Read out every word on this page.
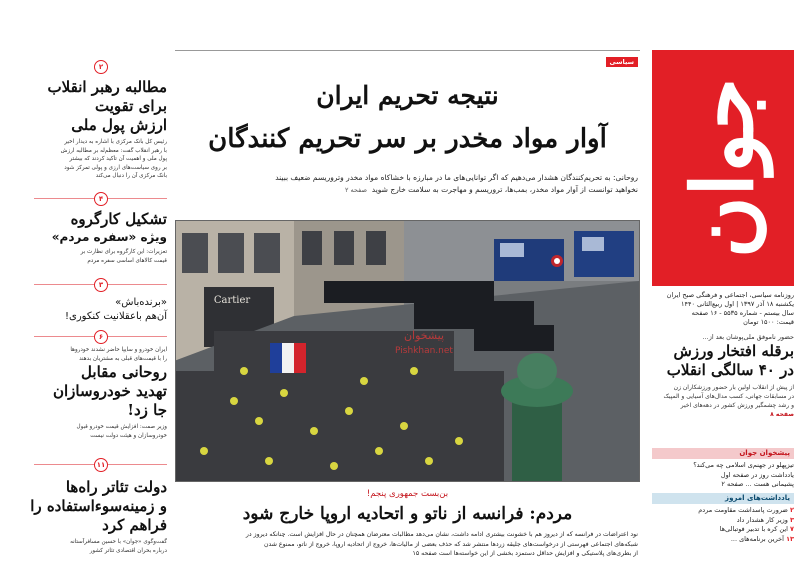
جوان
روزنامه سیاسی، اجتماعی و فرهنگی صبح ایران
یکشنبه ۱۸ آذر ۱۳۹۷ | اول ربیع‌الثانی ۱۴۴۰
سال بیستم - شماره ۵۵۳۵ - ۱۶ صفحه
قیمت: ۱۵۰۰ تومان
حضور ناموفق ملی‌پوشان بعد از...
برقله افتخار ورزش
در ۴۰ سالگی انقلاب
از پیش از انقلاب اولین بار حضور ورزشکاران زن
در مسابقات جهانی، کسب مدال‌های آسیایی و المپیک
و رشد چشمگیر ورزش کشور در دهه‌های اخیر
صفحه ۸
پیشخوان جوان
تیزپهلو در جهنم‌ی اسلامی چه می‌کند؟
یادداشت روز در صفحه اول
پشیمانی هست ... صفحه ۲
یادداشت‌های امروز
۲ ضرورت پاسداشت مقاومت مردم
۳ وزیر کار هشدار داد
۷ این کره با تدبیر فوتبالی‌ها
۱۳ آخرین برنامه‌های ...
سیاسی
نتیجه تحریم ایران
آوار مواد مخدر بر سر تحریم کنندگان
روحانی: به تحریم‌کنندگان هشدار می‌دهیم که اگر توانایی‌های ما در مبارزه با خشاکاه مواد مخدر وتروریسم ضعیف ببیند
نخواهید توانست از آوار مواد مخدر، بمب‌ها، تروریسم و مهاجرت به سلامت خارج شوید  صفحه ۲
Cartier
پیشخوان
Pishkhan.net
بن‌بست جمهوری پنجم!
مردم: فرانسه از ناتو و اتحادیه اروپا خارج شود
نود اعتراضات در فرانسه که از دیروز هم با خشونت بیشتری ادامه داشت، نشان می‌دهد مطالبات معترضان همچنان در حال افزایش است. چنانکه دیروز در
شبکه‌های اجتماعی فهرستی از درخواست‌های جلیقه زردها منتشر شد که حذف بعضی از مالیات‌ها، خروج از اتحادیه اروپا، خروج از ناتو، ممنوع شدن
از بطری‌های پلاستیکی و افزایش حداقل دستمزد بخشی از این خواسته‌ها است صفحه ۱۵
۲
مطالبه رهبر انقلاب
برای تقویت
ارزش پول ملی
رئیس کل بانک مرکزی با اشاره به دیدار اخیر
با رهبر انقلاب گفت: معظم‌له بر مطالبه ارزش
پول ملی و اهمیت آن تأکید کردند که بیشتر
بر روی سیاست‌های ارزی و پولی تمرکز شود
بانک مرکزی آن را دنبال می‌کند
۴
تشکیل کارگروه
ویژه «سفره مردم»
تعزیرات: این کارگروه برای نظارت بر
قیمت کالاهای اساسی سفره مردم
۳
«برنده‌باش»
آن‌هم باعقلانیت کنکوری!
۶
ایران خودرو و سایپا حاضر نشدند خودروها
را با قیمت‌های قبلی به مشتریان بدهند
روحانی مقابل
تهدید خودروسازان
جا زد!
وزیر صمت: افزایش قیمت خودرو قبول
خودروسازان و هیئت دولت نیست
۱۱
دولت تئاتر راه‌ها
و زمینه‌سوءاستفاده را
فراهم کرد
گفت‌وگوی «جوان» با حسین مسافرآستانه
درباره بحران اقتصادی تئاتر کشور
